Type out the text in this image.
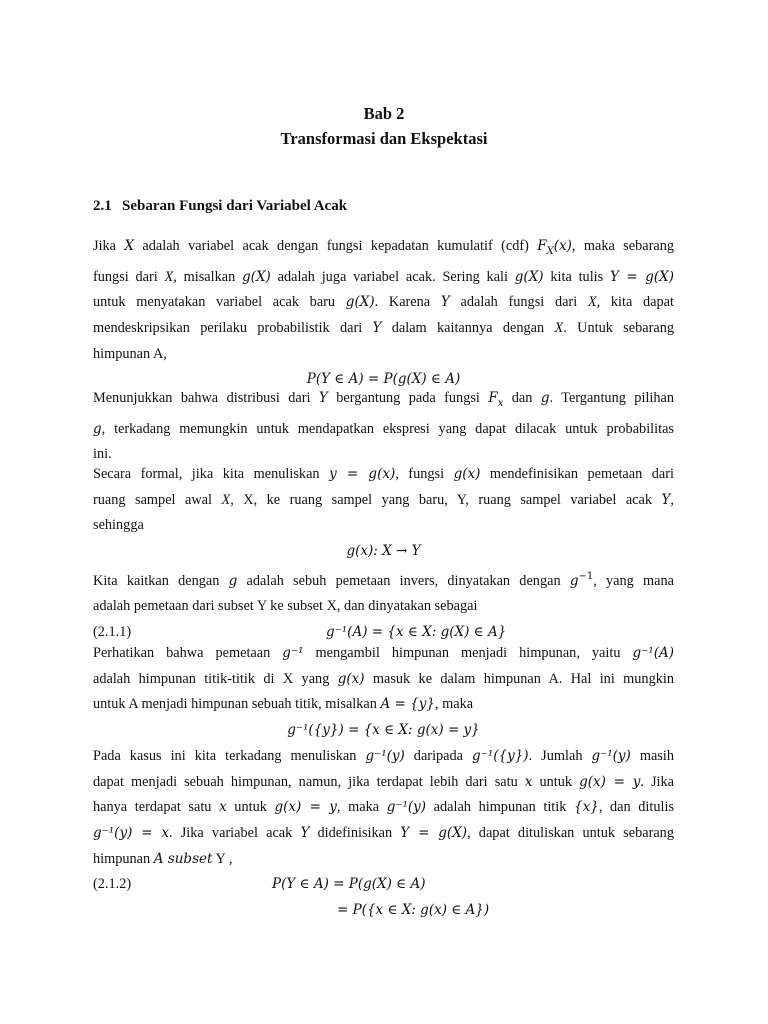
Bab 2
Transformasi dan Ekspektasi
2.1 Sebaran Fungsi dari Variabel Acak
Jika X adalah variabel acak dengan fungsi kepadatan kumulatif (cdf) $F_X(x)$, maka sebarang
fungsi dari X, misalkan g(X) adalah juga variabel acak. Sering kali g(X) kita tulis Y = g(X)
untuk menyatakan variabel acak baru g(X). Karena Y adalah fungsi dari X, kita dapat
mendeskripsikan perilaku probabilistik dari Y dalam kaitannya dengan X. Untuk sebarang
himpunan A,
P(Y ∈ A) = P(g(X) ∈ A)
Menunjukkan bahwa distribusi dari Y bergantung pada fungsi $F_x$ dan g. Tergantung pilihan
g, terkadang memungkin untuk mendapatkan ekspresi yang dapat dilacak untuk probabilitas
ini.
Secara formal, jika kita menuliskan y = g(x), fungsi g(x) mendefinisikan pemetaan dari
ruang sampel awal X, X, ke ruang sampel yang baru, Y, ruang sampel variabel acak Y,
sehingga
g(x): X → Y
Kita kaitkan dengan g adalah sebuh pemetaan invers, dinyatakan dengan $g^{-1}$, yang mana
adalah pemetaan dari subset Y ke subset X, dan dinyatakan sebagai
(2.1.1)	g⁻¹(A) = {x ∈ X: g(X) ∈ A}
Perhatikan bahwa pemetaan g⁻¹ mengambil himpunan menjadi himpunan, yaitu g⁻¹(A)
adalah himpunan titik-titik di X yang g(x) masuk ke dalam himpunan A. Hal ini mungkin
untuk A menjadi himpunan sebuah titik, misalkan A = {y}, maka
g⁻¹({y}) = {x ∈ X: g(x) = y}
Pada kasus ini kita terkadang menuliskan g⁻¹(y) daripada g⁻¹({y}). Jumlah g⁻¹(y) masih
dapat menjadi sebuah himpunan, namun, jika terdapat lebih dari satu x untuk g(x) = y. Jika
hanya terdapat satu x untuk g(x) = y, maka g⁻¹(y) adalah himpunan titik {x}, dan ditulis
g⁻¹(y) = x. Jika variabel acak Y didefinisikan Y = g(X), dapat dituliskan untuk sebarang
himpunan A subset Y ,
(2.1.2)	P(Y ∈ A) = P(g(X) ∈ A)
= P({x ∈ X: g(x) ∈ A})
